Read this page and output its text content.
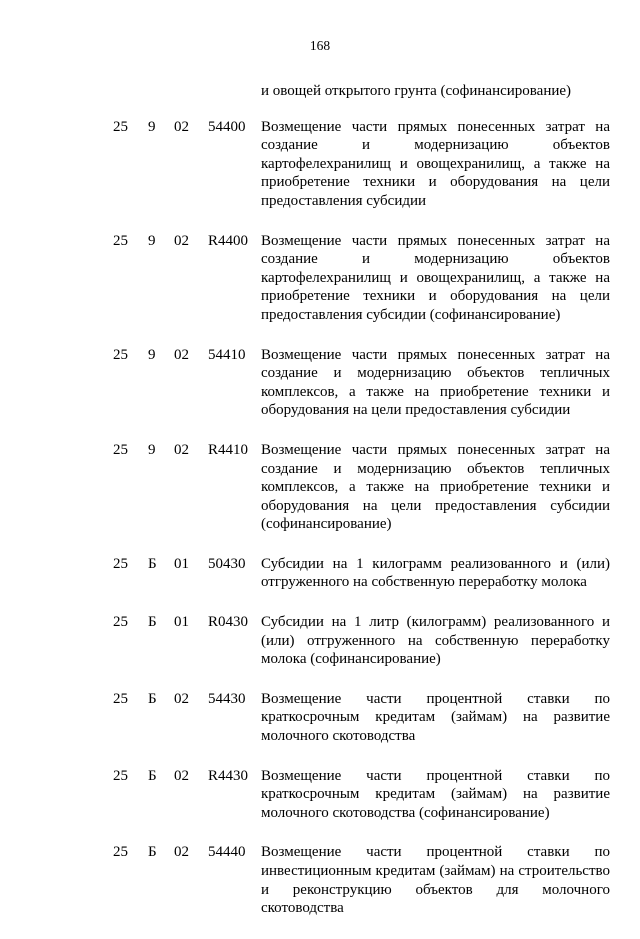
168
и овощей открытого грунта (софинансирование)
25 9 02 54400 Возмещение части прямых понесенных затрат на создание и модернизацию объектов картофелехранилищ и овощехранилищ, а также на приобретение техники и оборудования на цели предоставления субсидии
25 9 02 R4400 Возмещение части прямых понесенных затрат на создание и модернизацию объектов картофелехранилищ и овощехранилищ, а также на приобретение техники и оборудования на цели предоставления субсидии (софинансирование)
25 9 02 54410 Возмещение части прямых понесенных затрат на создание и модернизацию объектов тепличных комплексов, а также на приобретение техники и оборудования на цели предоставления субсидии
25 9 02 R4410 Возмещение части прямых понесенных затрат на создание и модернизацию объектов тепличных комплексов, а также на приобретение техники и оборудования на цели предоставления субсидии (софинансирование)
25 Б 01 50430 Субсидии на 1 килограмм реализованного и (или) отгруженного на собственную переработку молока
25 Б 01 R0430 Субсидии на 1 литр (килограмм) реализованного и (или) отгруженного на собственную переработку молока (софинансирование)
25 Б 02 54430 Возмещение части процентной ставки по краткосрочным кредитам (займам) на развитие молочного скотоводства
25 Б 02 R4430 Возмещение части процентной ставки по краткосрочным кредитам (займам) на развитие молочного скотоводства (софинансирование)
25 Б 02 54440 Возмещение части процентной ставки по инвестиционным кредитам (займам) на строительство и реконструкцию объектов для молочного скотоводства
